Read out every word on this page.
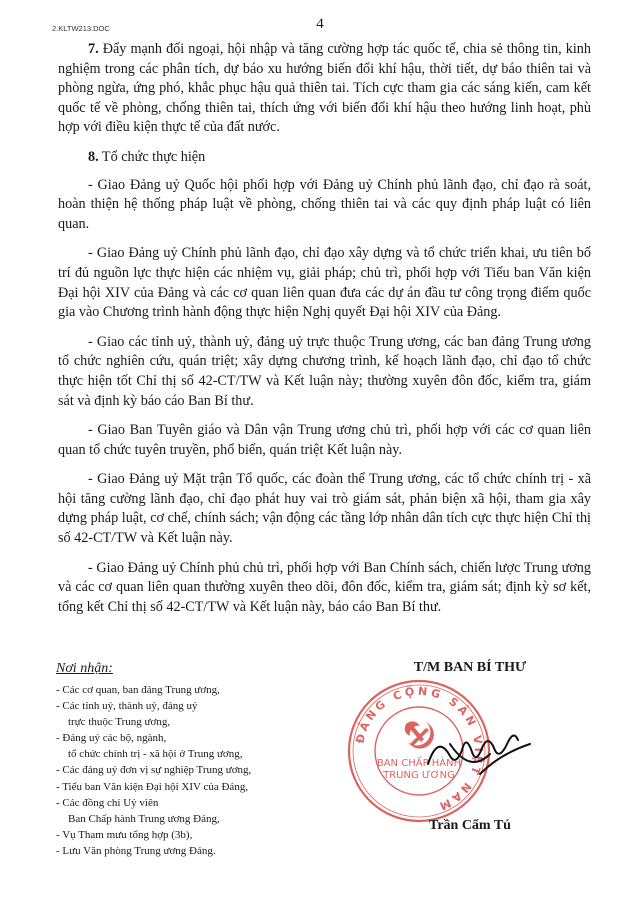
2.KLTW213.DOC	4

7. Đẩy mạnh đối ngoại, hội nhập và tăng cường hợp tác quốc tế, chia sẻ thông tin, kinh nghiệm trong các phân tích, dự báo xu hướng biến đổi khí hậu, thời tiết, dự báo thiên tai và phòng ngừa, ứng phó, khắc phục hậu quả thiên tai. Tích cực tham gia các sáng kiến, cam kết quốc tế về phòng, chống thiên tai, thích ứng với biến đổi khí hậu theo hướng linh hoạt, phù hợp với điều kiện thực tế của đất nước.

8. Tổ chức thực hiện

- Giao Đảng uỷ Quốc hội phối hợp với Đảng uỷ Chính phủ lãnh đạo, chỉ đạo rà soát, hoàn thiện hệ thống pháp luật về phòng, chống thiên tai và các quy định pháp luật có liên quan.

- Giao Đảng uỷ Chính phủ lãnh đạo, chỉ đạo xây dựng và tổ chức triển khai, ưu tiên bố trí đủ nguồn lực thực hiện các nhiệm vụ, giải pháp; chủ trì, phối hợp với Tiểu ban Văn kiện Đại hội XIV của Đảng và các cơ quan liên quan đưa các dự án đầu tư công trọng điểm quốc gia vào Chương trình hành động thực hiện Nghị quyết Đại hội XIV của Đảng.

- Giao các tỉnh uỷ, thành uỷ, đảng uỷ trực thuộc Trung ương, các ban đảng Trung ương tổ chức nghiên cứu, quán triệt; xây dựng chương trình, kế hoạch lãnh đạo, chỉ đạo tổ chức thực hiện tốt Chỉ thị số 42-CT/TW và Kết luận này; thường xuyên đôn đốc, kiểm tra, giám sát và định kỳ báo cáo Ban Bí thư.

- Giao Ban Tuyên giáo và Dân vận Trung ương chủ trì, phối hợp với các cơ quan liên quan tổ chức tuyên truyền, phổ biến, quán triệt Kết luận này.

- Giao Đảng uỷ Mặt trận Tổ quốc, các đoàn thể Trung ương, các tổ chức chính trị - xã hội tăng cường lãnh đạo, chỉ đạo phát huy vai trò giám sát, phản biện xã hội, tham gia xây dựng pháp luật, cơ chế, chính sách; vận động các tầng lớp nhân dân tích cực thực hiện Chỉ thị số 42-CT/TW và Kết luận này.

- Giao Đảng uỷ Chính phủ chủ trì, phối hợp với Ban Chính sách, chiến lược Trung ương và các cơ quan liên quan thường xuyên theo dõi, đôn đốc, kiểm tra, giám sát; định kỳ sơ kết, tổng kết Chỉ thị số 42-CT/TW và Kết luận này, báo cáo Ban Bí thư.

Nơi nhận:
- Các cơ quan, ban đảng Trung ương,
- Các tỉnh uỷ, thành uỷ, đảng uỷ
trực thuộc Trung ương,
- Đảng uỷ các bộ, ngành,
tổ chức chính trị - xã hội ở Trung ương,
- Các đảng uỷ đơn vị sự nghiệp Trung ương,
- Tiểu ban Văn kiện Đại hội XIV của Đảng,
- Các đồng chí Uỷ viên
Ban Chấp hành Trung ương Đảng,
- Vụ Tham mưu tổng hợp (3b),
- Lưu Văn phòng Trung ương Đảng.
T/M BAN BÍ THƯ
ĐẢNG CỘNG SẢN VIỆT NAM
BAN CHẤP HÀNH
TRUNG ƯƠNG
Trần Cẩm Tú
